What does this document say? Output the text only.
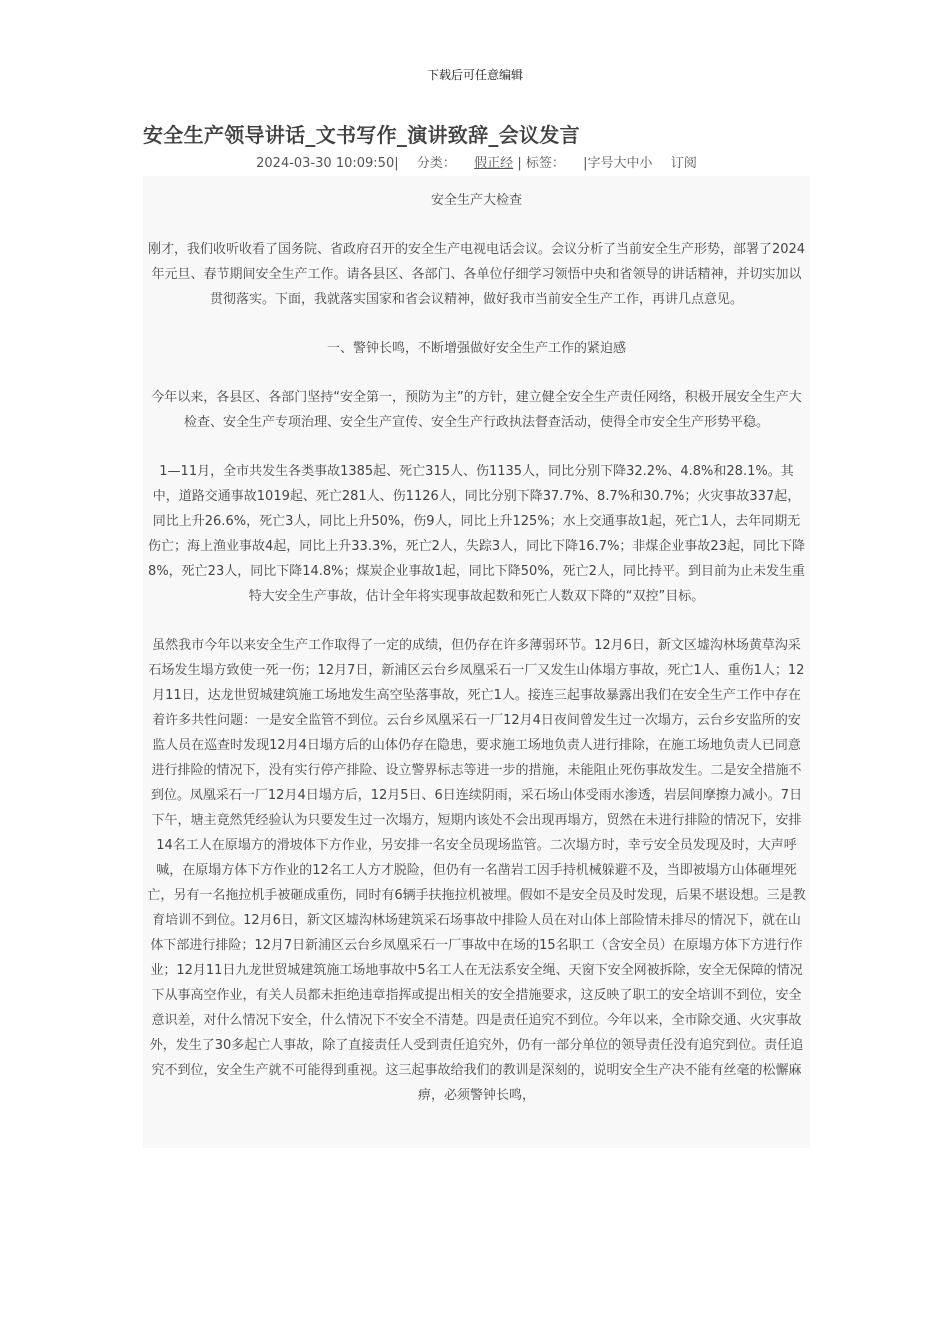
下载后可任意编辑
安全生产领导讲话_文书写作_演讲致辞_会议发言
2024-03-30 10:09:50| 分类： 假正经 | 标签： |字号大中小 订阅

安全生产大检查

刚才，我们收听收看了国务院、省政府召开的安全生产电视电话会议。会议分析了当前安全生产形势，部署了2024年元旦、春节期间安全生产工作。请各县区、各部门、各单位仔细学习领悟中央和省领导的讲话精神，并切实加以贯彻落实。下面，我就落实国家和省会议精神，做好我市当前安全生产工作，再讲几点意见。

一、警钟长鸣，不断增强做好安全生产工作的紧迫感

今年以来，各县区、各部门坚持“安全第一，预防为主”的方针，建立健全安全生产责任网络，积极开展安全生产大检查、安全生产专项治理、安全生产宣传、安全生产行政执法督查活动，使得全市安全生产形势平稳。

1—11月，全市共发生各类事故1385起、死亡315人、伤1135人，同比分别下降32.2%、4.8%和28.1%。其中，道路交通事故1019起、死亡281人、伤1126人，同比分别下降37.7%、8.7%和30.7%；火灾事故337起，同比上升26.6%，死亡3人，同比上升50%，伤9人，同比上升125%；水上交通事故1起，死亡1人，去年同期无伤亡；海上渔业事故4起，同比上升33.3%，死亡2人，失踪3人，同比下降16.7%；非煤企业事故23起，同比下降8%，死亡23人，同比下降14.8%；煤炭企业事故1起，同比下降50%，死亡2人，同比持平。到目前为止未发生重特大安全生产事故，估计全年将实现事故起数和死亡人数双下降的“双控”目标。

虽然我市今年以来安全生产工作取得了一定的成绩，但仍存在许多薄弱环节。12月6日，新文区墟沟林场黄草沟采石场发生塌方致使一死一伤；12月7日，新浦区云台乡凤凰采石一厂又发生山体塌方事故，死亡1人、重伤1人；12月11日，达龙世贸城建筑施工场地发生高空坠落事故，死亡1人。接连三起事故暴露出我们在安全生产工作中存在着许多共性问题：一是安全监管不到位。云台乡凤凰采石一厂12月4日夜间曾发生过一次塌方，云台乡安监所的安监人员在巡查时发现12月4日塌方后的山体仍存在隐患，要求施工场地负责人进行排除，在施工场地负责人已同意进行排险的情况下，没有实行停产排险、设立警界标志等进一步的措施，未能阻止死伤事故发生。二是安全措施不到位。凤凰采石一厂12月4日塌方后，12月5日、6日连续阴雨，采石场山体受雨水渗透，岩层间摩擦力减小。7日下午，塘主竟然凭经验认为只要发生过一次塌方，短期内该处不会出现再塌方，贸然在未进行排险的情况下，安排14名工人在原塌方的滑坡体下方作业，另安排一名安全员现场监管。二次塌方时，幸亏安全员发现及时，大声呼喊，在原塌方体下方作业的12名工人方才脱险，但仍有一名凿岩工因手持机械躲避不及，当即被塌方山体砸埋死亡，另有一名拖拉机手被砸成重伤，同时有6辆手扶拖拉机被埋。假如不是安全员及时发现，后果不堪设想。三是教育培训不到位。12月6日，新文区墟沟林场建筑采石场事故中排险人员在对山体上部险情未排尽的情况下，就在山体下部进行排险；12月7日新浦区云台乡凤凰采石一厂事故中在场的15名职工（含安全员）在原塌方体下方进行作业；12月11日九龙世贸城建筑施工场地事故中5名工人在无法系安全绳、天窗下安全网被拆除，安全无保障的情况下从事高空作业，有关人员都未拒绝违章指挥或提出相关的安全措施要求，这反映了职工的安全培训不到位，安全意识差，对什么情况下安全，什么情况下不安全不清楚。四是责任追究不到位。今年以来，全市除交通、火灾事故外，发生了30多起亡人事故，除了直接责任人受到责任追究外，仍有一部分单位的领导责任没有追究到位。责任追究不到位，安全生产就不可能得到重视。这三起事故给我们的教训是深刻的，说明安全生产决不能有丝毫的松懈麻痹，必须警钟长鸣，
